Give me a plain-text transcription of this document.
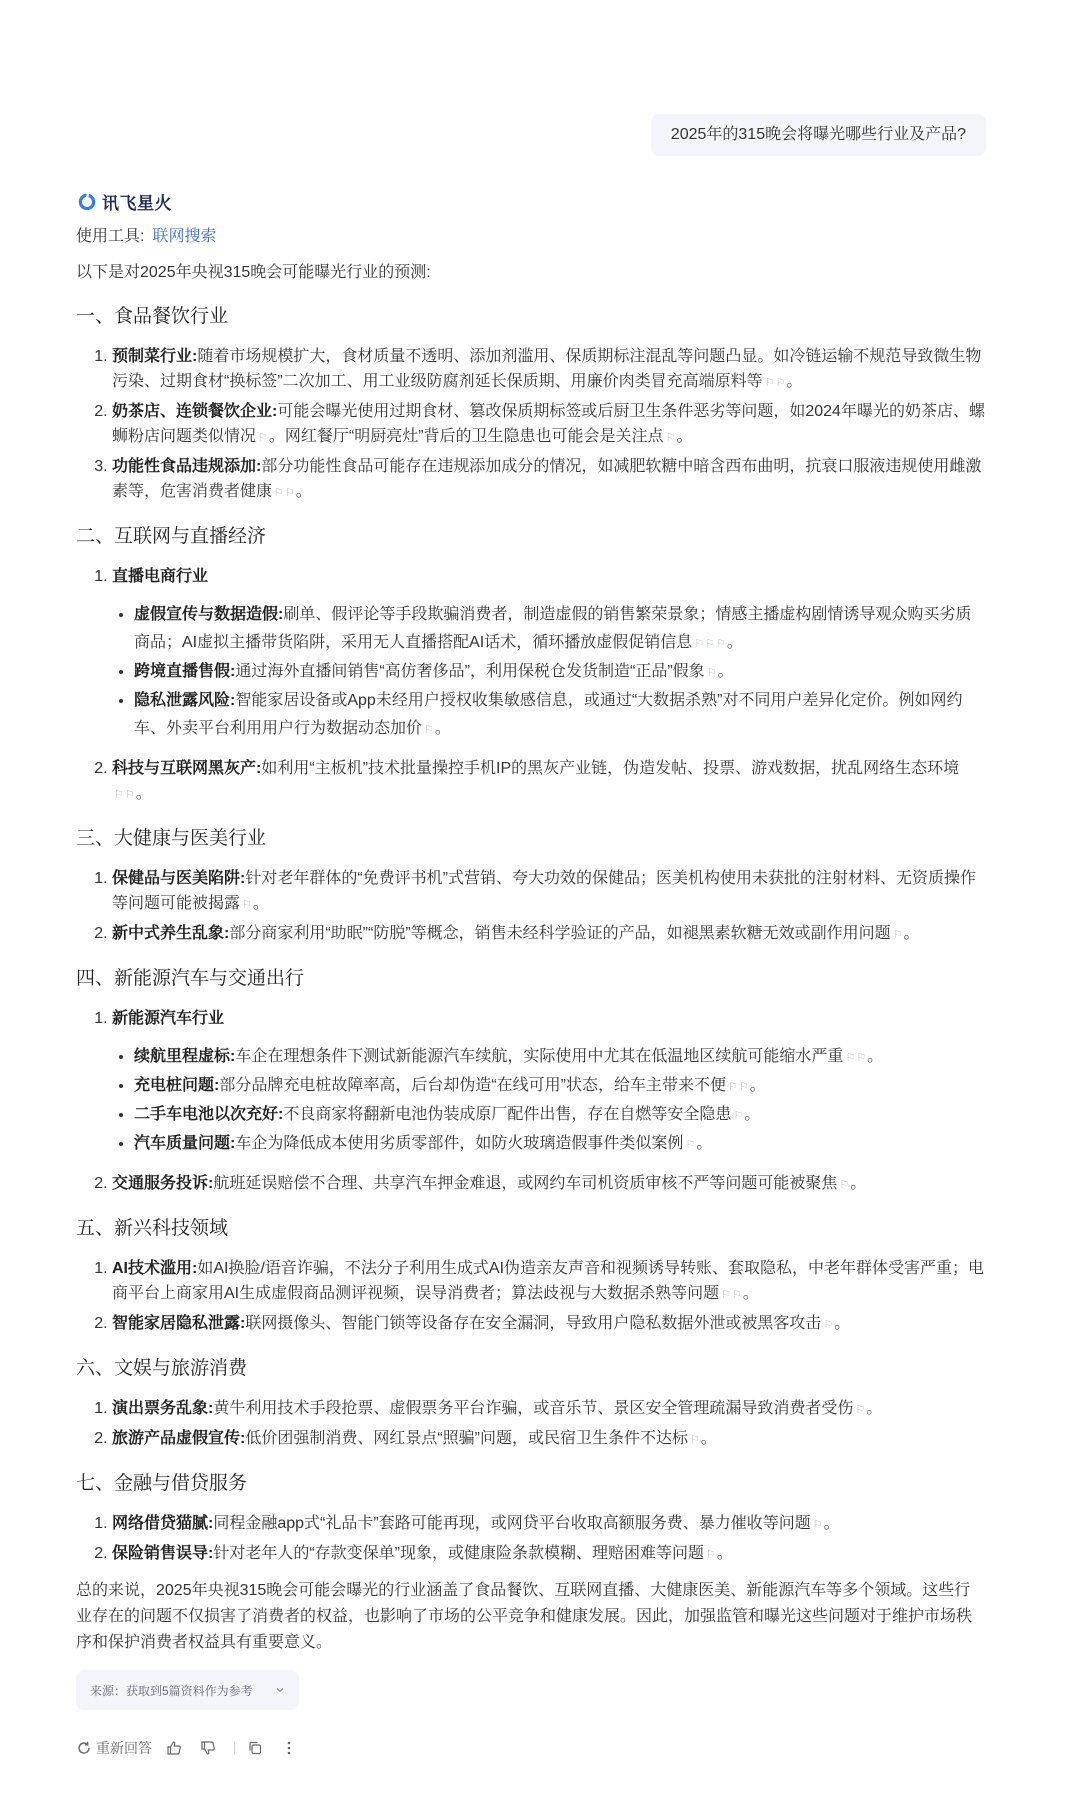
2025年的315晚会将曝光哪些行业及产品?
讯飞星火
使用工具: 联网搜索
以下是对2025年央视315晚会可能曝光行业的预测:
一、食品餐饮行业
1. 预制菜行业:随着市场规模扩大，食材质量不透明、添加剂滥用、保质期标注混乱等问题凸显。如冷链运输不规范导致微生物污染、过期食材“换标签”二次加工、用工业级防腐剂延长保质期、用廉价肉类冒充高端原料等 ⚐⚐。
2. 奶茶店、连锁餐饮企业:可能会曝光使用过期食材、篡改保质期标签或后厨卫生条件恶劣等问题，如2024年曝光的奶茶店、螺蛳粉店问题类似情况 ⚐。网红餐厅“明厨亮灶”背后的卫生隐患也可能会是关注点 ⚐。
3. 功能性食品违规添加:部分功能性食品可能存在违规添加成分的情况，如减肥软糖中暗含西布曲明，抗衰口服液违规使用雌激素等，危害消费者健康 ⚐⚐。
二、互联网与直播经济
1. 直播电商行业
• 虚假宣传与数据造假:刷单、假评论等手段欺骗消费者，制造虚假的销售繁荣景象；情感主播虚构剧情诱导观众购买劣质商品；AI虚拟主播带货陷阱，采用无人直播搭配AI话术，循环播放虚假促销信息 ⚐⚐⚐。
• 跨境直播售假:通过海外直播间销售“高仿奢侈品”，利用保税仓发货制造“正品”假象 ⚐。
• 隐私泄露风险:智能家居设备或App未经用户授权收集敏感信息，或通过“大数据杀熟”对不同用户差异化定价。例如网约车、外卖平台利用用户行为数据动态加价 ⚐。
2. 科技与互联网黑灰产:如利用“主板机”技术批量操控手机IP的黑灰产业链，伪造发帖、投票、游戏数据，扰乱网络生态环境⚐⚐。
三、大健康与医美行业
1. 保健品与医美陷阱:针对老年群体的“免费评书机”式营销、夸大功效的保健品；医美机构使用未获批的注射材料、无资质操作等问题可能被揭露 ⚐。
2. 新中式养生乱象:部分商家利用“助眠”“防脱”等概念，销售未经科学验证的产品，如褪黑素软糖无效或副作用问题 ⚐。
四、新能源汽车与交通出行
1. 新能源汽车行业
• 续航里程虚标:车企在理想条件下测试新能源汽车续航，实际使用中尤其在低温地区续航可能缩水严重 ⚐⚐。
• 充电桩问题:部分品牌充电桩故障率高，后台却伪造“在线可用”状态，给车主带来不便 ⚐⚐。
• 二手车电池以次充好:不良商家将翻新电池伪装成原厂配件出售，存在自燃等安全隐患 ⚐。
• 汽车质量问题:车企为降低成本使用劣质零部件，如防火玻璃造假事件类似案例 ⚐。
2. 交通服务投诉:航班延误赔偿不合理、共享汽车押金难退，或网约车司机资质审核不严等问题可能被聚焦 ⚐。
五、新兴科技领域
1. AI技术滥用:如AI换脸/语音诈骗，不法分子利用生成式AI伪造亲友声音和视频诱导转账、套取隐私，中老年群体受害严重；电商平台上商家用AI生成虚假商品测评视频，误导消费者；算法歧视与大数据杀熟等问题 ⚐⚐。
2. 智能家居隐私泄露:联网摄像头、智能门锁等设备存在安全漏洞，导致用户隐私数据外泄或被黑客攻击 ⚐。
六、文娱与旅游消费
1. 演出票务乱象:黄牛利用技术手段抢票、虚假票务平台诈骗，或音乐节、景区安全管理疏漏导致消费者受伤 ⚐。
2. 旅游产品虚假宣传:低价团强制消费、网红景点“照骗”问题，或民宿卫生条件不达标 ⚐。
七、金融与借贷服务
1. 网络借贷猫腻:同程金融app式“礼品卡”套路可能再现，或网贷平台收取高额服务费、暴力催收等问题 ⚐。
2. 保险销售误导:针对老年人的“存款变保单”现象，或健康险条款模糊、理赔困难等问题 ⚐。
总的来说，2025年央视315晚会可能会曝光的行业涵盖了食品餐饮、互联网直播、大健康医美、新能源汽车等多个领域。这些行业存在的问题不仅损害了消费者的权益，也影响了市场的公平竞争和健康发展。因此，加强监管和曝光这些问题对于维护市场秩序和保护消费者权益具有重要意义。
来源：获取到5篇资料作为参考
重新回答
